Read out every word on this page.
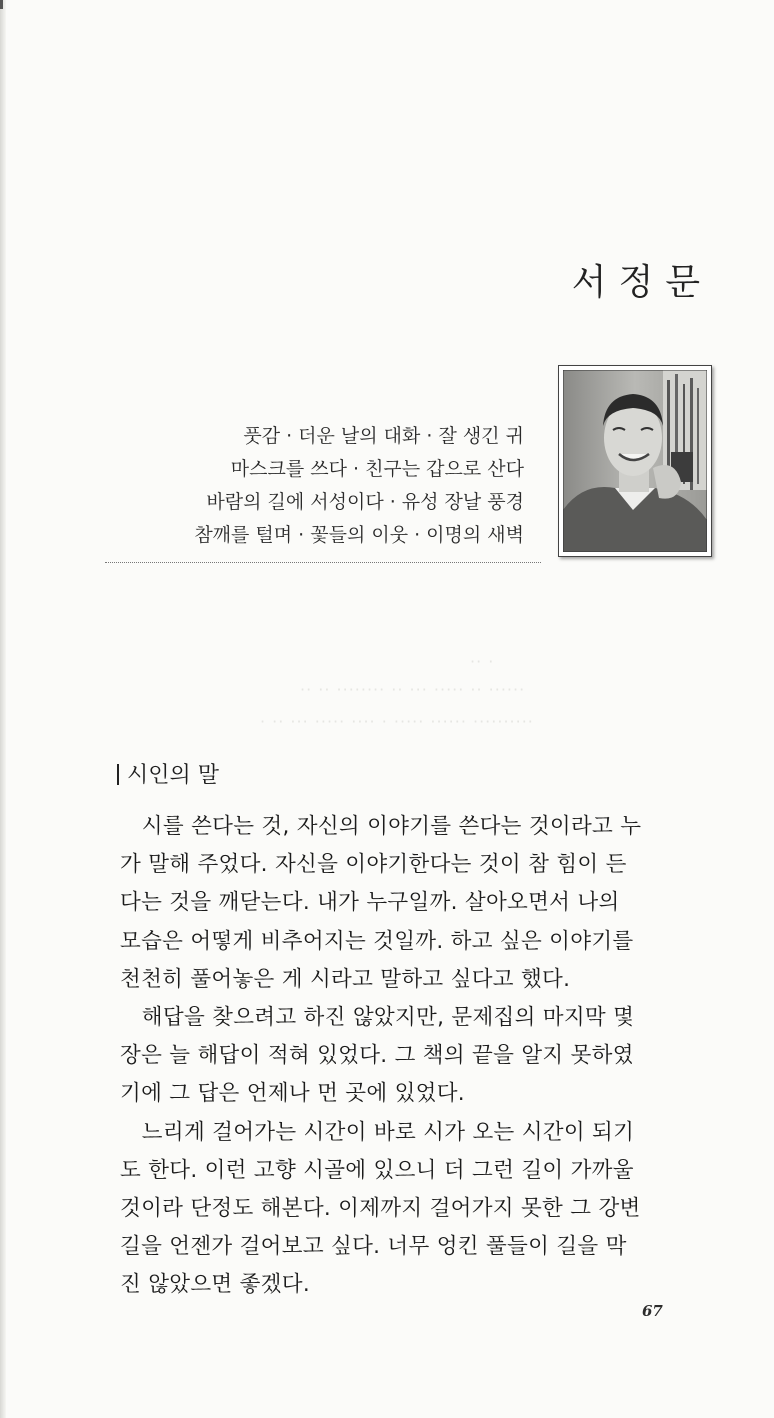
·· ·
·· ·· ········ ·· ··· ····· ·· ······
· ·· ··· ····· ···· · ····· ······ ··········
서정문
풋감 · 더운 날의 대화 · 잘 생긴 귀
마스크를 쓰다 · 친구는 갑으로 산다
바람의 길에 서성이다 · 유성 장날 풍경
참깨를 털며 · 꽃들의 이웃 · 이명의 새벽
시인의 말
　시를 쓴다는 것, 자신의 이야기를 쓴다는 것이라고 누
가 말해 주었다. 자신을 이야기한다는 것이 참 힘이 든
다는 것을 깨닫는다. 내가 누구일까. 살아오면서 나의
모습은 어떻게 비추어지는 것일까. 하고 싶은 이야기를
천천히 풀어놓은 게 시라고 말하고 싶다고 했다.
　해답을 찾으려고 하진 않았지만, 문제집의 마지막 몇
장은 늘 해답이 적혀 있었다. 그 책의 끝을 알지 못하였
기에 그 답은 언제나 먼 곳에 있었다.
　느리게 걸어가는 시간이 바로 시가 오는 시간이 되기
도 한다. 이런 고향 시골에 있으니 더 그런 길이 가까울
것이라 단정도 해본다. 이제까지 걸어가지 못한 그 강변
길을 언젠가 걸어보고 싶다. 너무 엉킨 풀들이 길을 막
진 않았으면 좋겠다.
67
